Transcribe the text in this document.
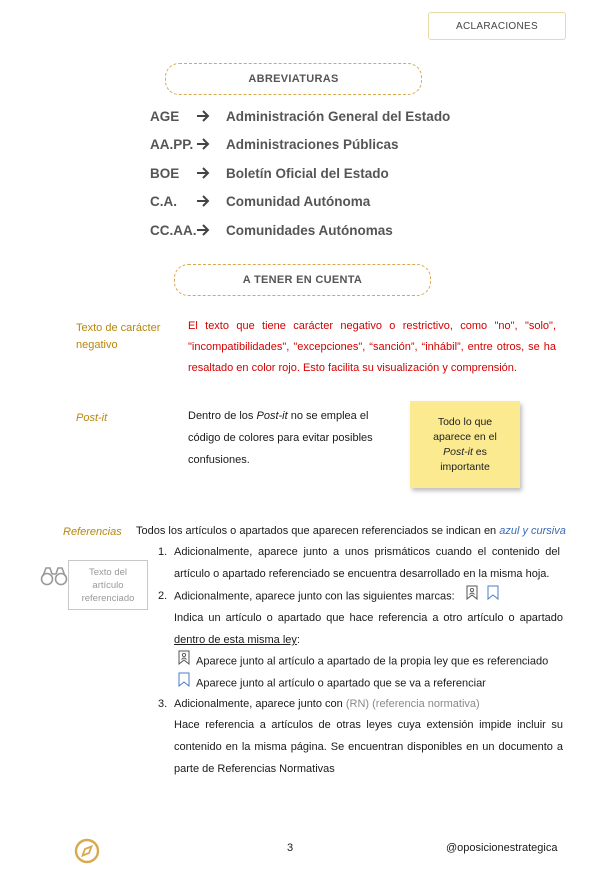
ACLARACIONES
ABREVIATURAS
AGE	Administración General del Estado
AA.PP. Administraciones Públicas
BOE	Boletín Oficial del Estado
C.A.	Comunidad Autónoma
CC.AA. Comunidades Autónomas
A TENER EN CUENTA
Texto de carácter negativo
El texto que tiene carácter negativo o restrictivo, como "no", "solo", "incompatibilidades", "excepciones", “sanción”, “inhábil”, entre otros, se ha resaltado en color rojo. Esto facilita su visualización y comprensión.
Post-it	Dentro de los Post-it no se emplea el código de colores para evitar posibles confusiones.
Todo lo que aparece en el Post-it es importante
Referencias Todos los artículos o apartados que aparecen referenciados se indican en azul y cursiva
Texto del artículo referenciado
1. Adicionalmente, aparece junto a unos prismáticos cuando el contenido del artículo o apartado referenciado se encuentra desarrollado en la misma hoja.
2. Adicionalmente, aparece junto con las siguientes marcas:
Indica un artículo o apartado que hace referencia a otro artículo o apartado dentro de esta misma ley:
Aparece junto al artículo a apartado de la propia ley que es referenciado
Aparece junto al artículo o apartado que se va a referenciar
3. Adicionalmente, aparece junto con (RN) (referencia normativa)
Hace referencia a artículos de otras leyes cuya extensión impide incluir su contenido en la misma página. Se encuentran disponibles en un documento a parte de Referencias Normativas
3	@oposicionestrategica
